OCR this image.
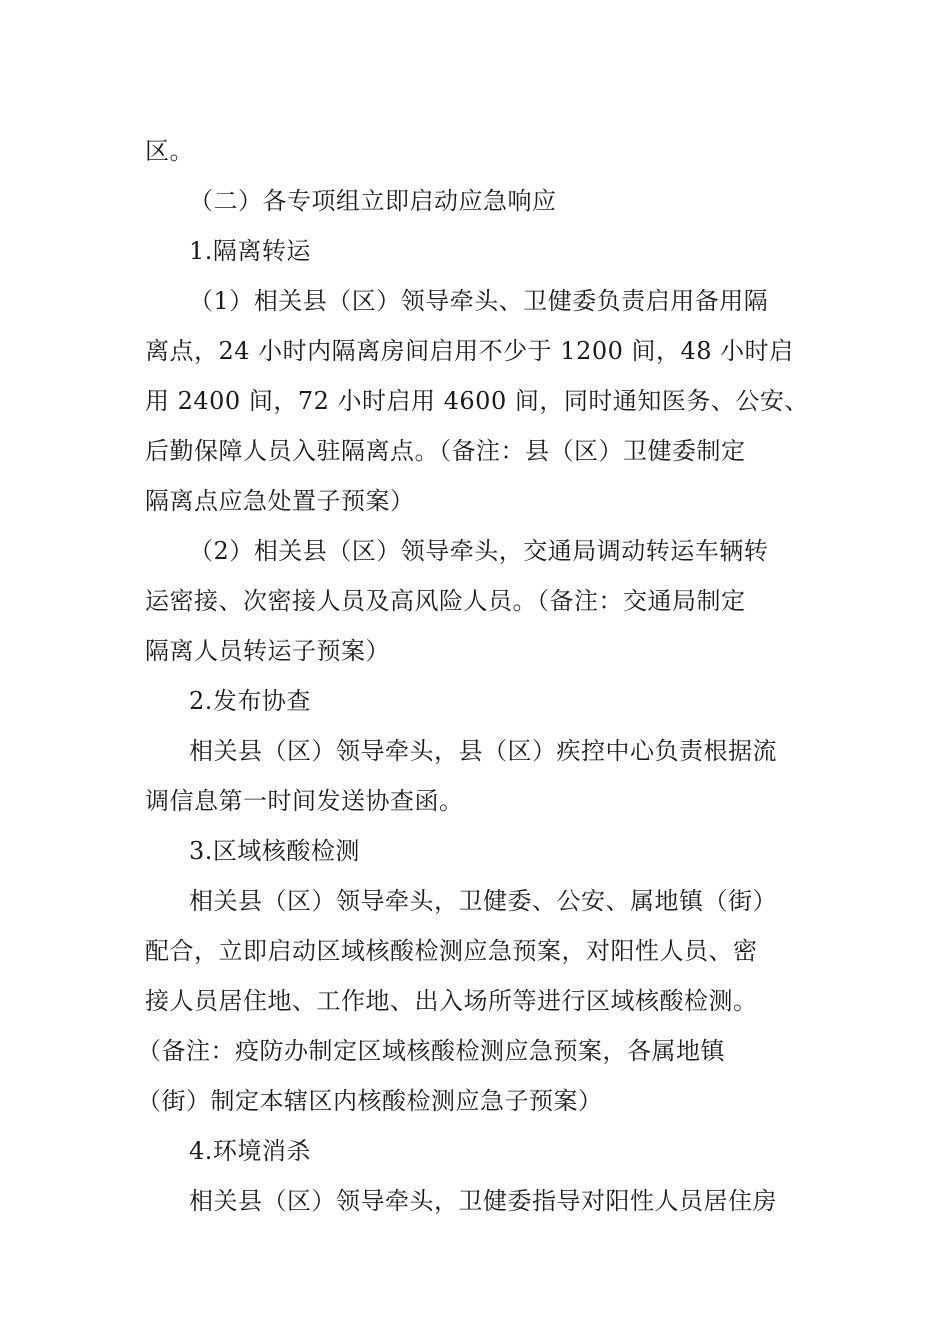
区。
（二）各专项组立即启动应急响应
1.隔离转运
（1）相关县（区）领导牵头、卫健委负责启用备用隔
离点，24 小时内隔离房间启用不少于 1200 间，48 小时启
用 2400 间，72 小时启用 4600 间，同时通知医务、公安、
后勤保障人员入驻隔离点。（备注：县（区）卫健委制定
隔离点应急处置子预案）
（2）相关县（区）领导牵头，交通局调动转运车辆转
运密接、次密接人员及高风险人员。（备注：交通局制定
隔离人员转运子预案）
2.发布协查
相关县（区）领导牵头，县（区）疾控中心负责根据流
调信息第一时间发送协查函。
3.区域核酸检测
相关县（区）领导牵头，卫健委、公安、属地镇（街）
配合，立即启动区域核酸检测应急预案，对阳性人员、密
接人员居住地、工作地、出入场所等进行区域核酸检测。
（备注：疫防办制定区域核酸检测应急预案，各属地镇
（街）制定本辖区内核酸检测应急子预案）
4.环境消杀
相关县（区）领导牵头，卫健委指导对阳性人员居住房
